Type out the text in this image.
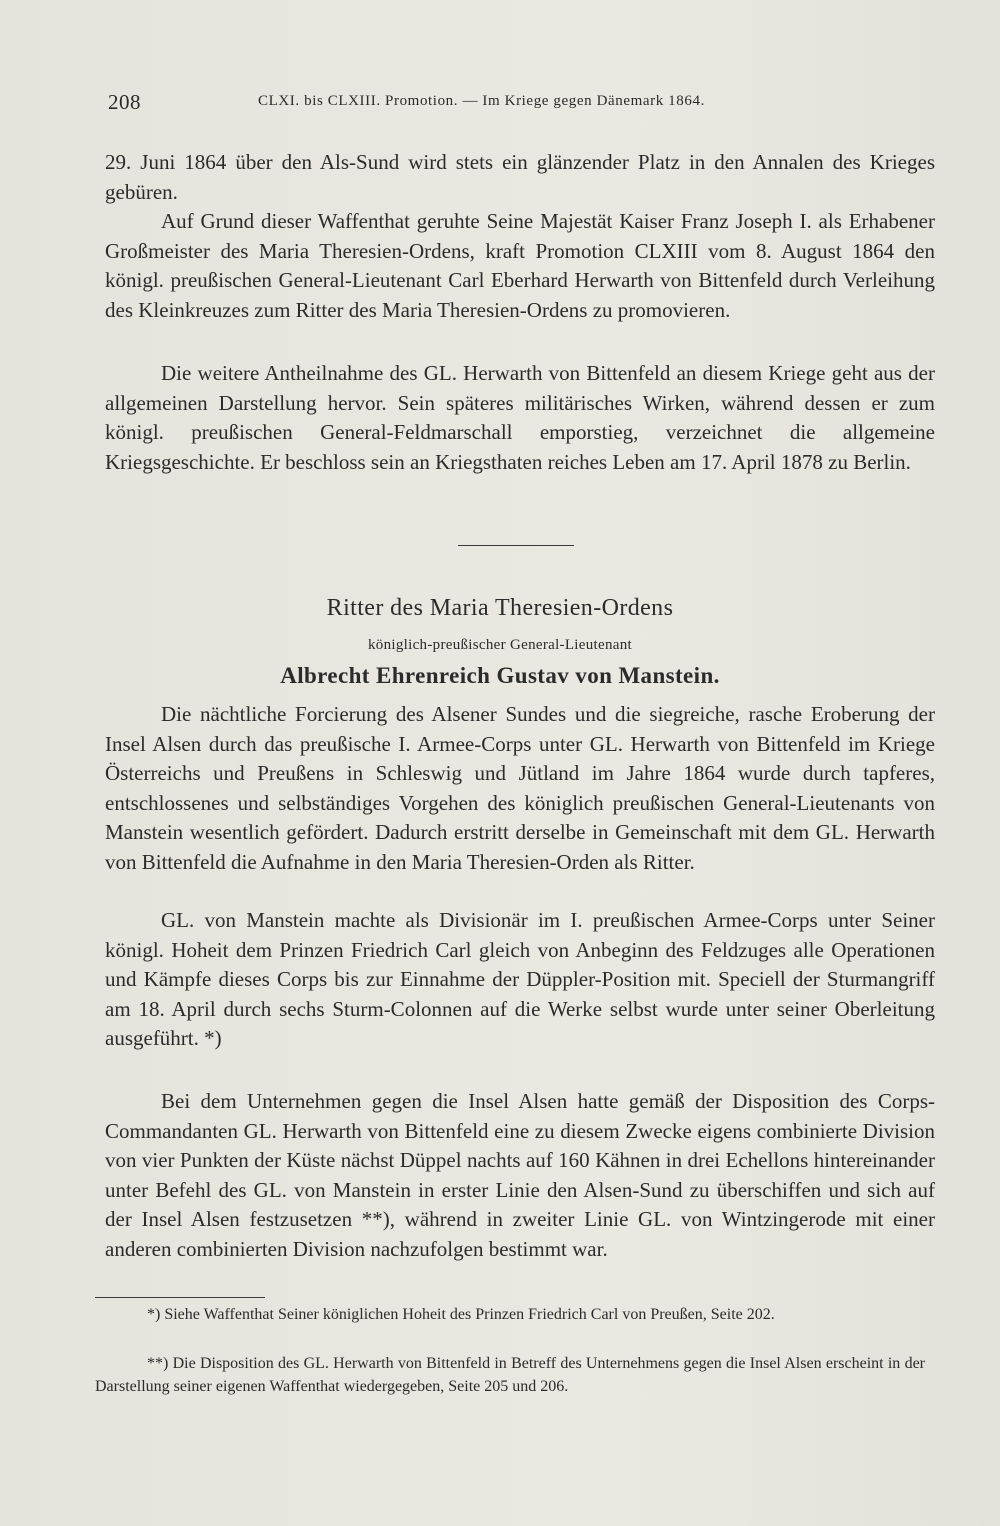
208	CLXI. bis CLXIII. Promotion. — Im Kriege gegen Dänemark 1864.

29. Juni 1864 über den Als-Sund wird stets ein glänzender Platz in den Annalen des Krieges gebüren.

Auf Grund dieser Waffenthat geruhte Seine Majestät Kaiser Franz Joseph I. als Erhabener Großmeister des Maria Theresien-Ordens, kraft Promotion CLXIII vom 8. August 1864 den königl. preußischen General-Lieutenant Carl Eberhard Herwarth von Bittenfeld durch Verleihung des Kleinkreuzes zum Ritter des Maria Theresien-Ordens zu promovieren.

Die weitere Antheilnahme des GL. Herwarth von Bittenfeld an diesem Kriege geht aus der allgemeinen Darstellung hervor. Sein späteres militärisches Wirken, während dessen er zum königl. preußischen General-Feldmarschall emporstieg, verzeichnet die allgemeine Kriegsgeschichte. Er beschloss sein an Kriegsthaten reiches Leben am 17. April 1878 zu Berlin.

Ritter des Maria Theresien-Ordens

königlich-preußischer General-Lieutenant

Albrecht Ehrenreich Gustav von Manstein.

Die nächtliche Forcierung des Alsener Sundes und die siegreiche, rasche Eroberung der Insel Alsen durch das preußische I. Armee-Corps unter GL. Herwarth von Bittenfeld im Kriege Österreichs und Preußens in Schleswig und Jütland im Jahre 1864 wurde durch tapferes, entschlossenes und selbständiges Vorgehen des königlich preußischen General-Lieutenants von Manstein wesentlich gefördert. Dadurch erstritt derselbe in Gemeinschaft mit dem GL. Herwarth von Bittenfeld die Aufnahme in den Maria Theresien-Orden als Ritter.

GL. von Manstein machte als Divisionär im I. preußischen Armee-Corps unter Seiner königl. Hoheit dem Prinzen Friedrich Carl gleich von Anbeginn des Feldzuges alle Operationen und Kämpfe dieses Corps bis zur Einnahme der Düppler-Position mit. Speciell der Sturmangriff am 18. April durch sechs Sturm-Colonnen auf die Werke selbst wurde unter seiner Oberleitung ausgeführt. *)

Bei dem Unternehmen gegen die Insel Alsen hatte gemäß der Disposition des Corps-Commandanten GL. Herwarth von Bittenfeld eine zu diesem Zwecke eigens combinierte Division von vier Punkten der Küste nächst Düppel nachts auf 160 Kähnen in drei Echellons hintereinander unter Befehl des GL. von Manstein in erster Linie den Alsen-Sund zu überschiffen und sich auf der Insel Alsen festzusetzen **), während in zweiter Linie GL. von Wintzingerode mit einer anderen combinierten Division nachzufolgen bestimmt war.

*) Siehe Waffenthat Seiner königlichen Hoheit des Prinzen Friedrich Carl von Preußen, Seite 202.

**) Die Disposition des GL. Herwarth von Bittenfeld in Betreff des Unternehmens gegen die Insel Alsen erscheint in der Darstellung seiner eigenen Waffenthat wiedergegeben, Seite 205 und 206.
